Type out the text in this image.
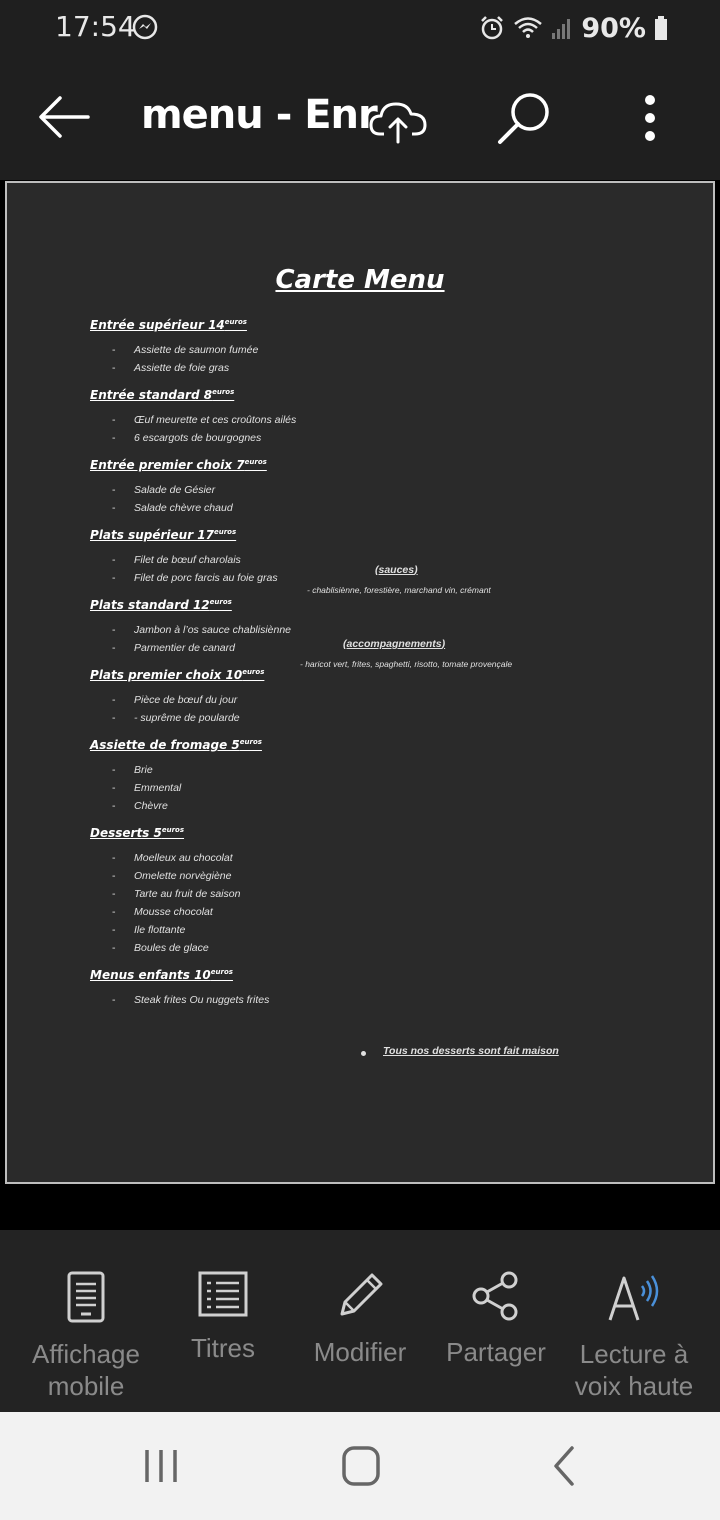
17:54	90%
menu - Enr
Carte Menu
Entrée supérieur $14^{euros}$
- Assiette de saumon fumée
- Assiette de foie gras
Entrée standard $8^{euros}$
- Œuf meurette et ces croûtons ailés
- 6 escargots de bourgognes
Entrée premier choix $7^{euros}$
- Salade de Gésier
- Salade chèvre chaud
Plats supérieur $17^{euros}$
- Filet de bœuf charolais
- Filet de porc farcis au foie gras
Plats standard $12^{euros}$
- Jambon à l’os sauce chablisiènne
- Parmentier de canard
Plats premier choix $10^{euros}$
- Pièce de bœuf du jour
- - suprême de poularde
Assiette de fromage $5^{euros}$
- Brie
- Emmental
- Chèvre
Desserts $5^{euros}$
- Moelleux au chocolat
- Omelette norvègiène
- Tarte au fruit de saison
- Mousse chocolat
- Ile flottante
- Boules de glace
Menus enfants $10^{euros}$
- Steak frites Ou nuggets frites
(sauces)
- chablisiènne, forestière, marchand vin, crémant
(accompagnements)
- haricot vert, frites, spaghetti, risotto, tomate provençale
Tous nos desserts sont fait maison
Affichage mobile
Titres	Modifier	Partager	Lecture à voix haute
